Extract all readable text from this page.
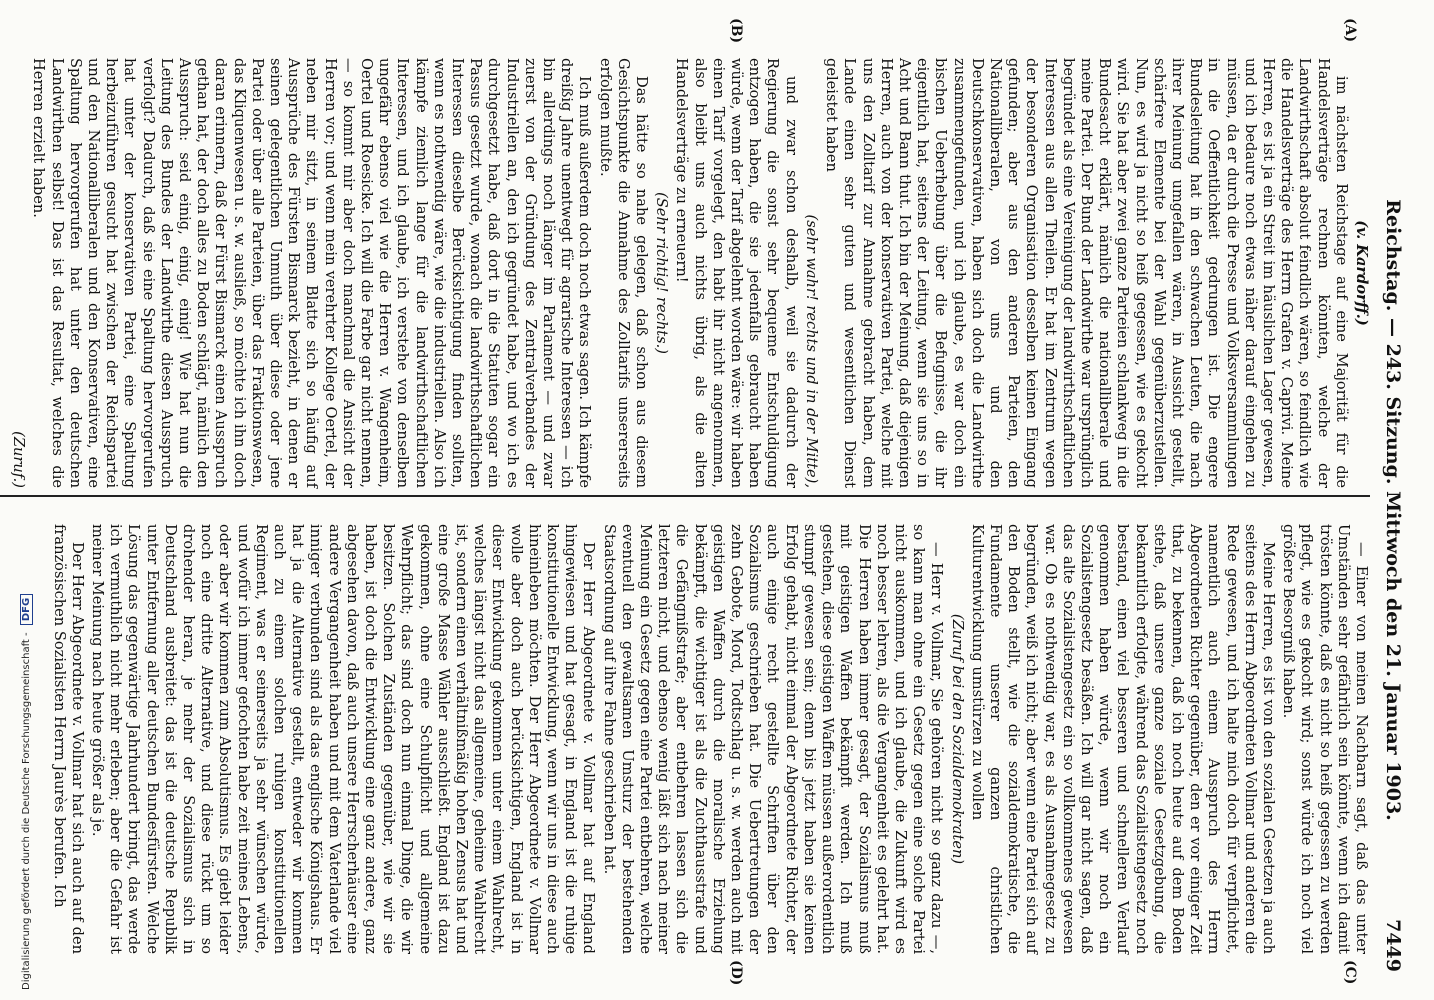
Reichstag. — 243. Sitzung. Mittwoch den 21. Januar 1903.
7449
(A)
(B)
(C)
(D)

(v. Kardorff.)

im nächsten Reichstage auf eine Majorität für die Handelsverträge rechnen könnten, welche der Landwirthschaft absolut feindlich wären, so feindlich wie die Handelsverträge des Herrn Grafen v. Caprivi. Meine Herren, es ist ja ein Streit im häuslichen Lager gewesen, und ich bedaure noch etwas näher darauf eingehen zu müssen, da er durch die Presse und Volksversammlungen in die Oeffentlichkeit gedrungen ist. Die engere Bundesleitung hat in den schwachen Leuten, die nach ihrer Meinung umgefallen wären, in Aussicht gestellt, schärfere Elemente bei der Wahl gegenüberzustellen. Nun, es wird ja nicht so heiß gegessen, wie es gekocht wird. Sie hat aber zwei ganze Parteien schlankweg in die Bundesacht erklärt, nämlich die nationalliberale und meine Partei. Der Bund der Landwirthe war ursprünglich begründet als eine Vereinigung der landwirthschaftlichen Interessen aus allen Theilen. Er hat im Zentrum wegen der besonderen Organisation desselben keinen Eingang gefunden; aber aus den anderen Parteien, den Nationalliberalen, von uns und den Deutschkonservativen, haben sich doch die Landwirthe zusammengefunden, und ich glaube, es war doch ein bischen Ueberhebung über die Befugnisse, die ihr eigentlich hat, seitens der Leitung, wenn sie uns so in Acht und Bann thut. Ich bin der Meinung, daß diejenigen Herren, auch von der konservativen Partei, welche mit uns den Zolltarif zur Annahme gebracht haben, dem Lande einen sehr guten und wesentlichen Dienst geleistet haben

(sehr wahr! rechts und in der Mitte),

und zwar schon deshalb, weil sie dadurch der Regierung die sonst sehr bequeme Entschuldigung entzogen haben, die sie jedenfalls gebraucht haben würde, wenn der Tarif abgelehnt worden wäre: wir haben einen Tarif vorgelegt, den habt ihr nicht angenommen, also bleibt uns auch nichts übrig, als die alten Handelsverträge zu erneuern!

(Sehr richtig! rechts.)

Das hätte so nahe gelegen, daß schon aus diesem Gesichtspunkte die Annahme des Zolltarifs unsererseits erfolgen mußte.

Ich muß außerdem doch noch etwas sagen. Ich kämpfe dreißig Jahre unentwegt für agrarische Interessen — ich bin allerdings noch länger im Parlament — und zwar zuerst von der Gründung des Zentralverbandes der Industriellen an, den ich gegründet habe, und wo ich es durchgesetzt habe, daß dort in die Statuten sogar ein Passus gesetzt wurde, wonach die landwirthschaftlichen Interessen dieselbe Berücksichtigung finden sollten, wenn es nothwendig wäre, wie die industriellen. Also ich kämpfe ziemlich lange für die landwirthschaftlichen Interessen, und ich glaube, ich verstehe von denselben ungefähr ebenso viel wie die Herren v. Wangenheim, Oertel und Roesicke. Ich will die Farbe gar nicht nennen, — so kommt mir aber doch manchmal die Ansicht der Herren vor; und wenn mein verehrter Kollege Oertel, der neben mir sitzt, in seinem Blatte sich so häufig auf Aussprüche des Fürsten Bismarck bezieht, in denen er seinen gelegentlichen Unmuth über diese oder jene Partei oder über alle Parteien, über das Fraktionswesen, das Kliquenwesen u. s. w. ausließ, so möchte ich ihn doch daran erinnern, daß der Fürst Bismarck einen Ausspruch gethan hat, der doch alles zu Boden schlägt, nämlich den Ausspruch: seid einig, einig, einig! Wie hat nun die Leitung des Bundes der Landwirthe diesen Ausspruch verfolgt? Dadurch, daß sie eine Spaltung hervorgerufen hat unter der konservativen Partei, eine Spaltung herbeizuführen gesucht hat zwischen der Reichspartei und den Nationalliberalen und den Konservativen, eine Spaltung hervorgerufen hat unter den deutschen Landwirthen selbst! Das ist das Resultat, welches die Herren erzielt haben.

(Zuruf.)

— Einer von meinen Nachbarn sagt, daß das unter Umständen sehr gefährlich sein könnte, wenn ich damit trösten könnte, daß es nicht so heiß gegessen zu werden pflegt, wie es gekocht wird; sonst würde ich noch viel größere Besorgniß haben.

Meine Herren, es ist von den sozialen Gesetzen ja auch seitens des Herrn Abgeordneten Vollmar und anderen die Rede gewesen, und ich halte mich doch für verpflichtet, namentlich auch einem Ausspruch des Herrn Abgeordneten Richter gegenüber, den er vor einiger Zeit that, zu bekennen, daß ich noch heute auf dem Boden stehe, daß unsere ganze soziale Gesetzgebung, die bekanntlich erfolgte, während das Sozialistengesetz noch bestand, einen viel besseren und schnelleren Verlauf genommen haben würde, wenn wir noch ein Sozialistengesetz besäßen. Ich will gar nicht sagen, daß das alte Sozialistengesetz ein so vollkommenes gewesen war. Ob es nothwendig war, es als Ausnahmegesetz zu begründen, weiß ich nicht; aber wenn eine Partei sich auf den Boden stellt, wie die sozialdemokratische, die Fundamente unserer ganzen christlichen Kulturentwicklung umstürzen zu wollen

(Zuruf bei den Sozialdemokraten)

— Herr v. Vollmar, Sie gehören nicht so ganz dazu —, so kann man ohne ein Gesetz gegen eine solche Partei nicht auskommen, und ich glaube, die Zukunft wird es noch besser lehren, als die Vergangenheit es gelehrt hat. Die Herren haben immer gesagt, der Sozialismus muß mit geistigen Waffen bekämpft werden. Ich muß gestehen, diese geistigen Waffen müssen außerordentlich stumpf gewesen sein; denn bis jetzt haben sie keinen Erfolg gehabt, nicht einmal der Abgeordnete Richter, der auch einige recht gestellte Schriften über den Sozialismus geschrieben hat. Die Uebertretungen der zehn Gebote, Mord, Todtschlag u. s. w. werden auch mit geistigen Waffen durch die moralische Erziehung bekämpft, die wichtiger ist als die Zuchthausstrafe und die Gefängnißstrafe; aber entbehren lassen sich die letzteren nicht, und ebenso wenig läßt sich nach meiner Meinung ein Gesetz gegen eine Partei entbehren, welche eventuell den gewaltsamen Umsturz der bestehenden Staatsordnung auf ihre Fahne geschrieben hat.

Der Herr Abgeordnete v. Vollmar hat auf England hingewiesen und hat gesagt, in England ist die ruhige konstitutionelle Entwicklung, wenn wir uns in diese auch hineinleben möchten. Der Herr Abgeordnete v. Vollmar wolle aber doch auch berücksichtigen, England ist in dieser Entwicklung gekommen unter einem Wahlrecht, welches längst nicht das allgemeine, geheime Wahlrecht ist, sondern einen verhältnißmäßig hohen Zensus hat und eine große Masse Wähler ausschließt. England ist dazu gekommen, ohne eine Schulpflicht und allgemeine Wehrpflicht; das sind doch nun einmal Dinge, die wir besitzen. Solchen Zuständen gegenüber, wie wir sie haben, ist doch die Entwicklung eine ganz andere, ganz abgesehen davon, daß auch unsere Herrscherhäuser eine andere Vergangenheit haben und mit dem Vaterlande viel inniger verbunden sind als das englische Königshaus. Er hat ja die Alternative gestellt, entweder wir kommen auch zu einem solchen ruhigen konstitutionellen Regiment, was er seinerseits ja sehr wünschen würde, und wofür ich immer gefochten habe zeit meines Lebens, oder aber wir kommen zum Absolutismus. Es giebt leider noch eine dritte Alternative, und diese rückt um so drohender heran, je mehr der Sozialismus sich in Deutschland ausbreitet: das ist die deutsche Republik unter Entfernung aller deutschen Bundesfürsten. Welche Lösung das gegenwärtige Jahrhundert bringt, das werde ich vermuthlich nicht mehr erleben; aber die Gefahr ist meiner Meinung nach heute größer als je.

Der Herr Abgeordnete v. Vollmar hat sich auch auf den französischen Sozialisten Herrn Jaurès berufen. Ich

Digitalisierung gefördert durch die Deutsche Forschungsgemeinschaft - DFG
